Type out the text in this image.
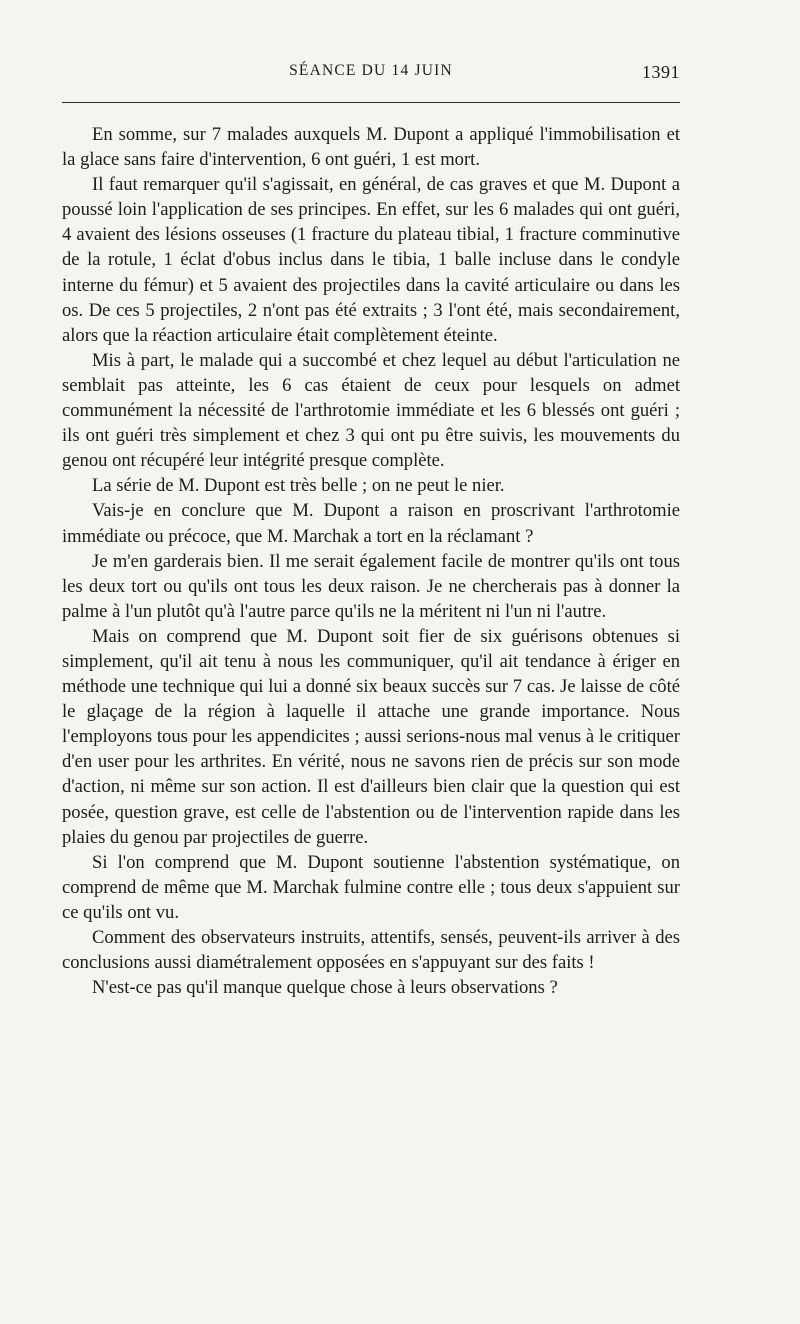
SÉANCE DU 14 JUIN	1391

En somme, sur 7 malades auxquels M. Dupont a appliqué l'immobilisation et la glace sans faire d'intervention, 6 ont guéri, 1 est mort.

Il faut remarquer qu'il s'agissait, en général, de cas graves et que M. Dupont a poussé loin l'application de ses principes. En effet, sur les 6 malades qui ont guéri, 4 avaient des lésions osseuses (1 fracture du plateau tibial, 1 fracture comminutive de la rotule, 1 éclat d'obus inclus dans le tibia, 1 balle incluse dans le condyle interne du fémur) et 5 avaient des projectiles dans la cavité articulaire ou dans les os. De ces 5 projectiles, 2 n'ont pas été extraits ; 3 l'ont été, mais secondairement, alors que la réaction articulaire était complètement éteinte.

Mis à part, le malade qui a succombé et chez lequel au début l'articulation ne semblait pas atteinte, les 6 cas étaient de ceux pour lesquels on admet communément la nécessité de l'arthrotomie immédiate et les 6 blessés ont guéri ; ils ont guéri très simplement et chez 3 qui ont pu être suivis, les mouvements du genou ont récupéré leur intégrité presque complète.

La série de M. Dupont est très belle ; on ne peut le nier.

Vais-je en conclure que M. Dupont a raison en proscrivant l'arthrotomie immédiate ou précoce, que M. Marchak a tort en la réclamant ?

Je m'en garderais bien. Il me serait également facile de montrer qu'ils ont tous les deux tort ou qu'ils ont tous les deux raison. Je ne chercherais pas à donner la palme à l'un plutôt qu'à l'autre parce qu'ils ne la méritent ni l'un ni l'autre.

Mais on comprend que M. Dupont soit fier de six guérisons obtenues si simplement, qu'il ait tenu à nous les communiquer, qu'il ait tendance à ériger en méthode une technique qui lui a donné six beaux succès sur 7 cas. Je laisse de côté le glaçage de la région à laquelle il attache une grande importance. Nous l'employons tous pour les appendicites ; aussi serions-nous mal venus à le critiquer d'en user pour les arthrites. En vérité, nous ne savons rien de précis sur son mode d'action, ni même sur son action. Il est d'ailleurs bien clair que la question qui est posée, question grave, est celle de l'abstention ou de l'intervention rapide dans les plaies du genou par projectiles de guerre.

Si l'on comprend que M. Dupont soutienne l'abstention systématique, on comprend de même que M. Marchak fulmine contre elle ; tous deux s'appuient sur ce qu'ils ont vu.

Comment des observateurs instruits, attentifs, sensés, peuvent-ils arriver à des conclusions aussi diamétralement opposées en s'appuyant sur des faits !

N'est-ce pas qu'il manque quelque chose à leurs observations ?
